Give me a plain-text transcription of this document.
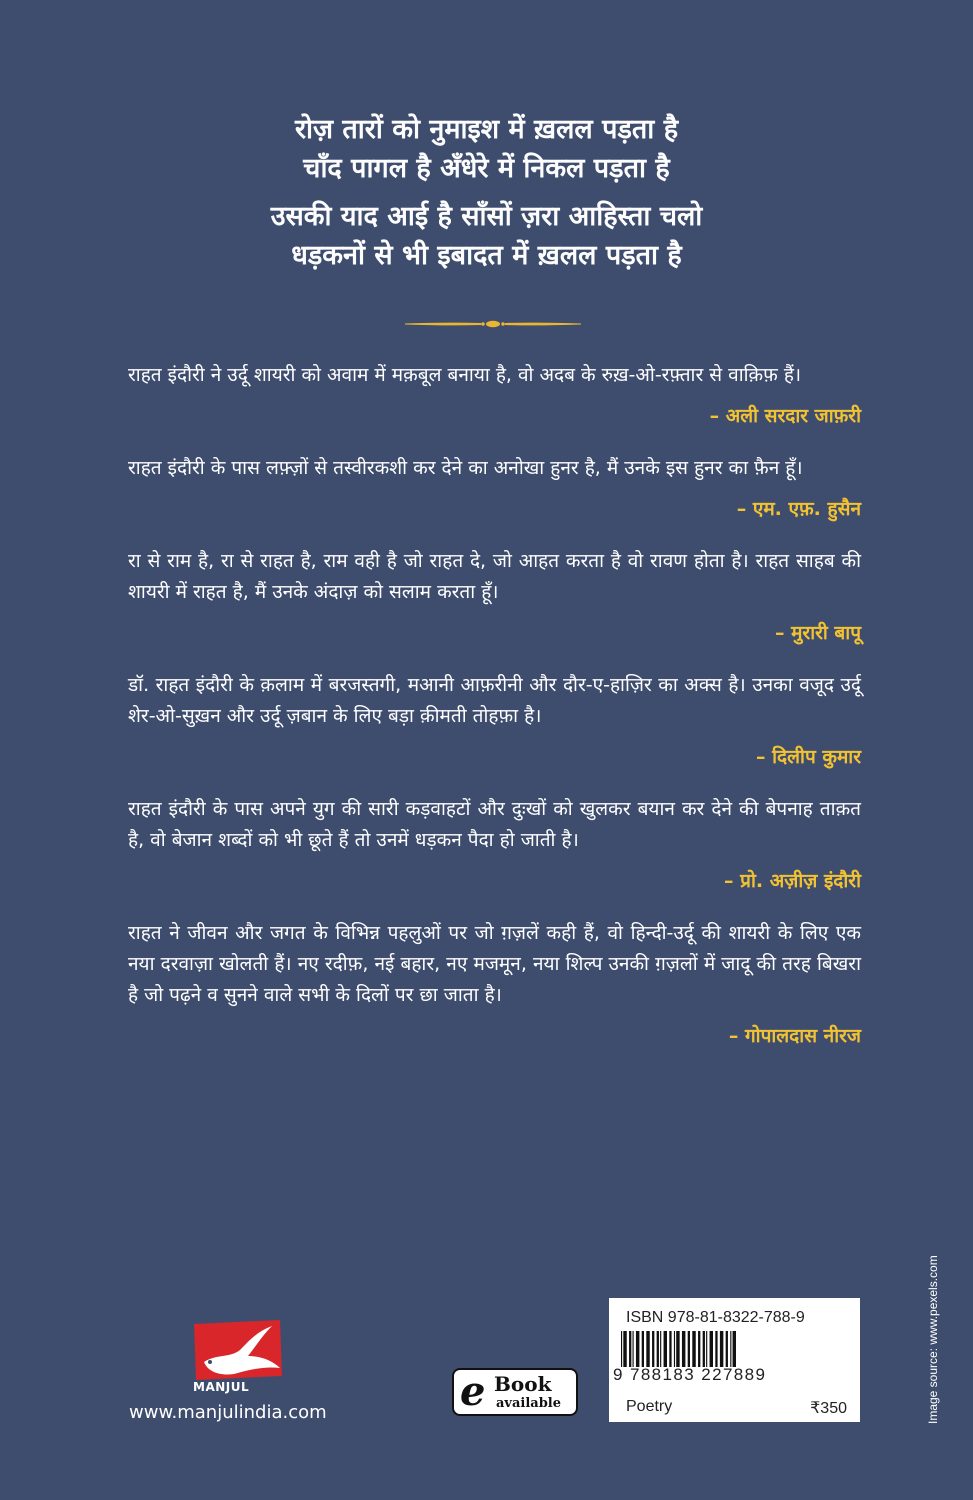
रोज़ तारों को नुमाइश में ख़लल पड़ता है
चाँद पागल है अँधेरे में निकल पड़ता है
उसकी याद आई है साँसों ज़रा आहिस्ता चलो
धड़कनों से भी इबादत में ख़लल पड़ता है
राहत इंदौरी ने उर्दू शायरी को अवाम में मक़बूल बनाया है, वो अदब के रुख़-ओ-रफ़्तार से वाक़िफ़ हैं।
– अली सरदार जाफ़री
राहत इंदौरी के पास लफ़्ज़ों से तस्वीरकशी कर देने का अनोखा हुनर है, मैं उनके इस हुनर का फ़ैन हूँ।
– एम. एफ़. हुसैन
रा से राम है, रा से राहत है, राम वही है जो राहत दे, जो आहत करता है वो रावण होता है। राहत साहब की शायरी में राहत है, मैं उनके अंदाज़ को सलाम करता हूँ।
– मुरारी बापू
डॉ. राहत इंदौरी के क़लाम में बरजस्तगी, मआनी आफ़रीनी और दौर-ए-हाज़िर का अक्स है। उनका वजूद उर्दू शेर-ओ-सुख़न और उर्दू ज़बान के लिए बड़ा क़ीमती तोहफ़ा है।
– दिलीप कुमार
राहत इंदौरी के पास अपने युग की सारी कड़वाहटों और दुःखों को खुलकर बयान कर देने की बेपनाह ताक़त है, वो बेजान शब्दों को भी छूते हैं तो उनमें धड़कन पैदा हो जाती है।
– प्रो. अज़ीज़ इंदौरी
राहत ने जीवन और जगत के विभिन्न पहलुओं पर जो ग़ज़लें कही हैं, वो हिन्दी-उर्दू की शायरी के लिए एक नया दरवाज़ा खोलती हैं। नए रदीफ़, नई बहार, नए मजमून, नया शिल्प उनकी ग़ज़लों में जादू की तरह बिखरा है जो पढ़ने व सुनने वाले सभी के दिलों पर छा जाता है।
– गोपालदास नीरज
MANJUL
www.manjulindia.com	e Book
available
ISBN 978-81-8322-788-9
9 788183 227889
Poetry	₹350	Image source: www.pexels.com
